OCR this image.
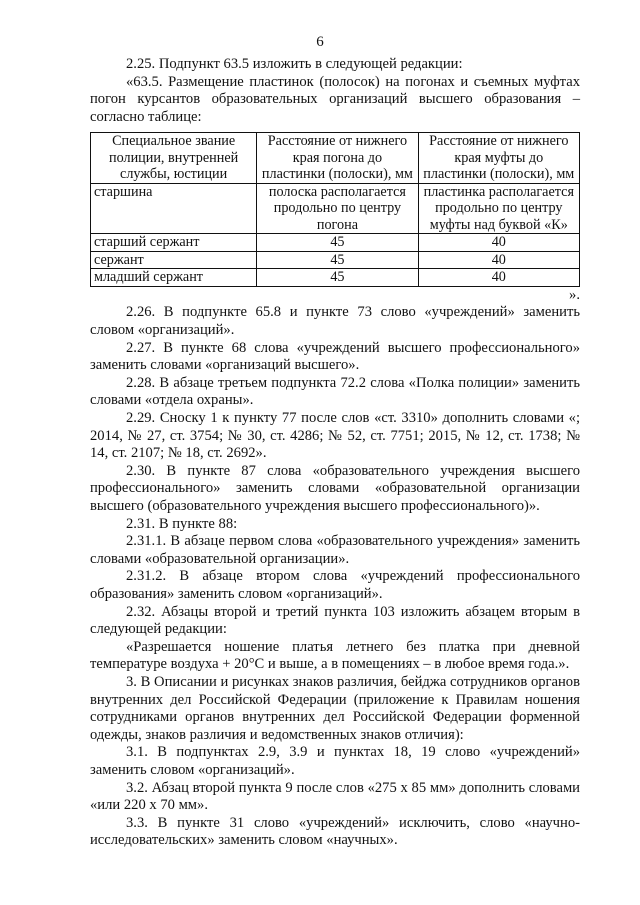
6

2.25. Подпункт 63.5 изложить в следующей редакции:

«63.5. Размещение пластинок (полосок) на погонах и съемных муфтах погон курсантов образовательных организаций высшего образования – согласно таблице:

Специальное звание полиции, внутренней службы, юстиции	Расстояние от нижнего края погона до пластинки (полоски), мм	Расстояние от нижнего края муфты до пластинки (полоски), мм
старшина	полоска располагается продольно по центру погона	пластинка располагается продольно по центру муфты над буквой «К»
старший сержант	45	40
сержант	45	40
младший сержант	45	40

».

2.26. В подпункте 65.8 и пункте 73 слово «учреждений» заменить словом «организаций».

2.27. В пункте 68 слова «учреждений высшего профессионального» заменить словами «организаций высшего».

2.28. В абзаце третьем подпункта 72.2 слова «Полка полиции» заменить словами «отдела охраны».

2.29. Сноску 1 к пункту 77 после слов «ст. 3310» дополнить словами «; 2014, № 27, ст. 3754; № 30, ст. 4286; № 52, ст. 7751; 2015, № 12, ст. 1738; № 14, ст. 2107; № 18, ст. 2692».

2.30. В пункте 87 слова «образовательного учреждения высшего профессионального» заменить словами «образовательной организации высшего (образовательного учреждения высшего профессионального)».

2.31. В пункте 88:

2.31.1. В абзаце первом слова «образовательного учреждения» заменить словами «образовательной организации».

2.31.2. В абзаце втором слова «учреждений профессионального образования» заменить словом «организаций».

2.32. Абзацы второй и третий пункта 103 изложить абзацем вторым в следующей редакции:

«Разрешается ношение платья летнего без платка при дневной температуре воздуха + 20°С и выше, а в помещениях – в любое время года.».

3. В Описании и рисунках знаков различия, бейджа сотрудников органов внутренних дел Российской Федерации (приложение к Правилам ношения сотрудниками органов внутренних дел Российской Федерации форменной одежды, знаков различия и ведомственных знаков отличия):

3.1. В подпунктах 2.9, 3.9 и пунктах 18, 19 слово «учреждений» заменить словом «организаций».

3.2. Абзац второй пункта 9 после слов «275 х 85 мм» дополнить словами «или 220 х 70 мм».

3.3. В пункте 31 слово «учреждений» исключить, слово «научно-исследовательских» заменить словом «научных».
